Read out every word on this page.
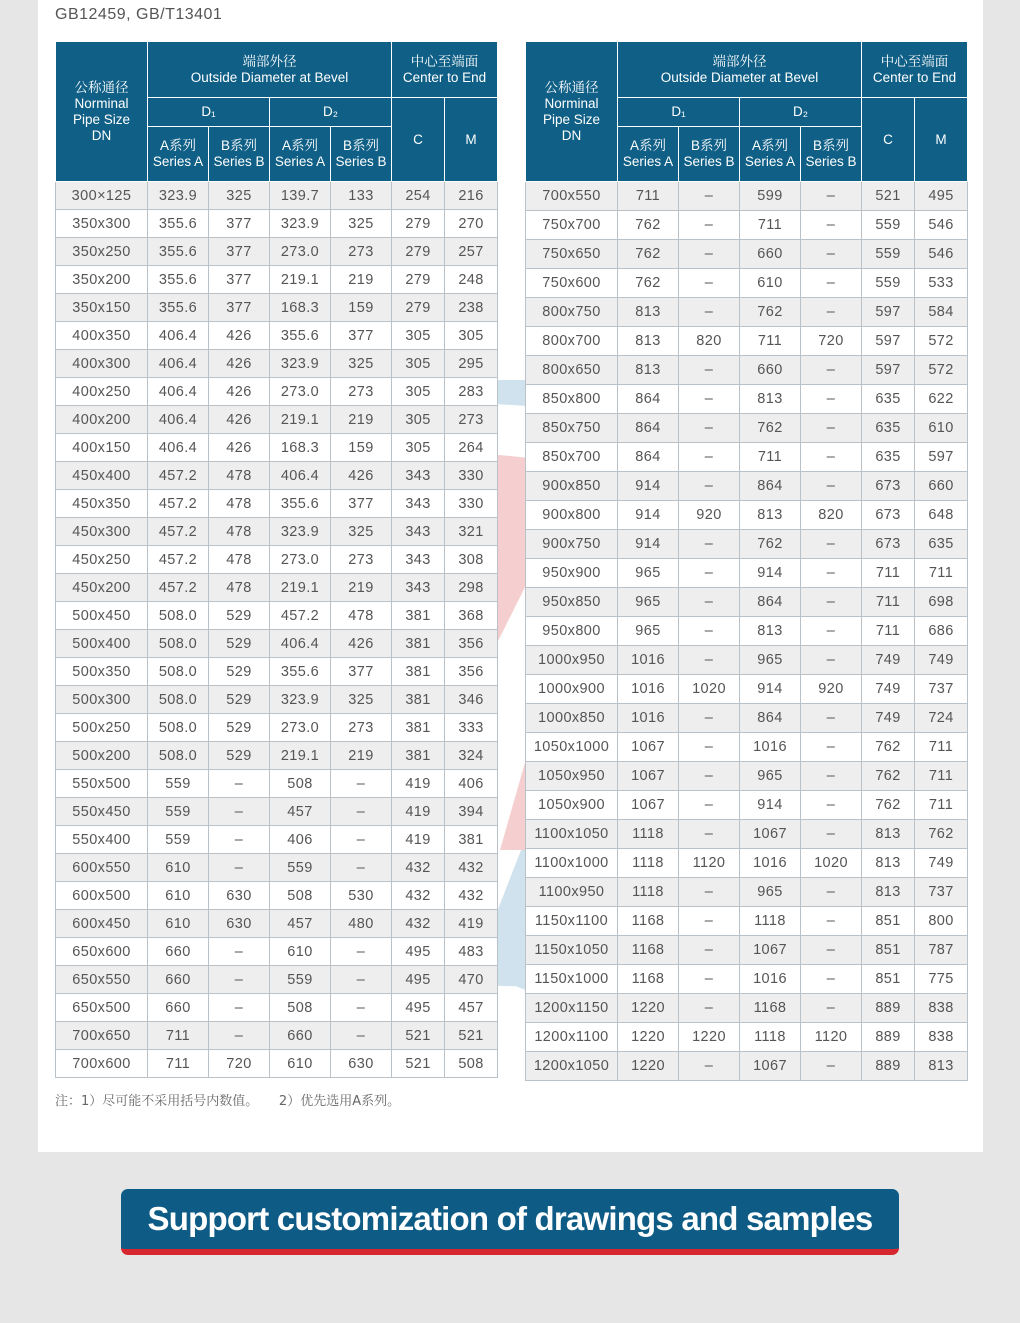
GB12459, GB/T13401
公称通径
Norminal
Pipe Size
DN	端部外径
Outside Diameter at Bevel				中心至端面
Center to End	
	D₁		D₂		C	M
	A系列
Series A	B系列
Series B	A系列
Series A	B系列
Series B		
300×125	323.9	325	139.7	133	254	216
350x300	355.6	377	323.9	325	279	270
350x250	355.6	377	273.0	273	279	257
350x200	355.6	377	219.1	219	279	248
350x150	355.6	377	168.3	159	279	238
400x350	406.4	426	355.6	377	305	305
400x300	406.4	426	323.9	325	305	295
400x250	406.4	426	273.0	273	305	283
400x200	406.4	426	219.1	219	305	273
400x150	406.4	426	168.3	159	305	264
450x400	457.2	478	406.4	426	343	330
450x350	457.2	478	355.6	377	343	330
450x300	457.2	478	323.9	325	343	321
450x250	457.2	478	273.0	273	343	308
450x200	457.2	478	219.1	219	343	298
500x450	508.0	529	457.2	478	381	368
500x400	508.0	529	406.4	426	381	356
500x350	508.0	529	355.6	377	381	356
500x300	508.0	529	323.9	325	381	346
500x250	508.0	529	273.0	273	381	333
500x200	508.0	529	219.1	219	381	324
550x500	559	–	508	–	419	406
550x450	559	–	457	–	419	394
550x400	559	–	406	–	419	381
600x550	610	–	559	–	432	432
600x500	610	630	508	530	432	432
600x450	610	630	457	480	432	419
650x600	660	–	610	–	495	483
650x550	660	–	559	–	495	470
650x500	660	–	508	–	495	457
700x650	711	–	660	–	521	521
700x600	711	720	610	630	521	508
公称通径
Norminal
Pipe Size
DN	端部外径
Outside Diameter at Bevel				中心至端面
Center to End	
	D₁		D₂		C	M
	A系列
Series A	B系列
Series B	A系列
Series A	B系列
Series B		
700x550	711	–	599	–	521	495
750x700	762	–	711	–	559	546
750x650	762	–	660	–	559	546
750x600	762	–	610	–	559	533
800x750	813	–	762	–	597	584
800x700	813	820	711	720	597	572
800x650	813	–	660	–	597	572
850x800	864	–	813	–	635	622
850x750	864	–	762	–	635	610
850x700	864	–	711	–	635	597
900x850	914	–	864	–	673	660
900x800	914	920	813	820	673	648
900x750	914	–	762	–	673	635
950x900	965	–	914	–	711	711
950x850	965	–	864	–	711	698
950x800	965	–	813	–	711	686
1000x950	1016	–	965	–	749	749
1000x900	1016	1020	914	920	749	737
1000x850	1016	–	864	–	749	724
1050x1000	1067	–	1016	–	762	711
1050x950	1067	–	965	–	762	711
1050x900	1067	–	914	–	762	711
1100x1050	1118	–	1067	–	813	762
1100x1000	1118	1120	1016	1020	813	749
1100x950	1118	–	965	–	813	737
1150x1100	1168	–	1118	–	851	800
1150x1050	1168	–	1067	–	851	787
1150x1000	1168	–	1016	–	851	775
1200x1150	1220	–	1168	–	889	838
1200x1100	1220	1220	1118	1120	889	838
1200x1050	1220	–	1067	–	889	813
注：1）尽可能不采用括号内数值。     2）优先选用A系列。
Support customization of drawings and samples
